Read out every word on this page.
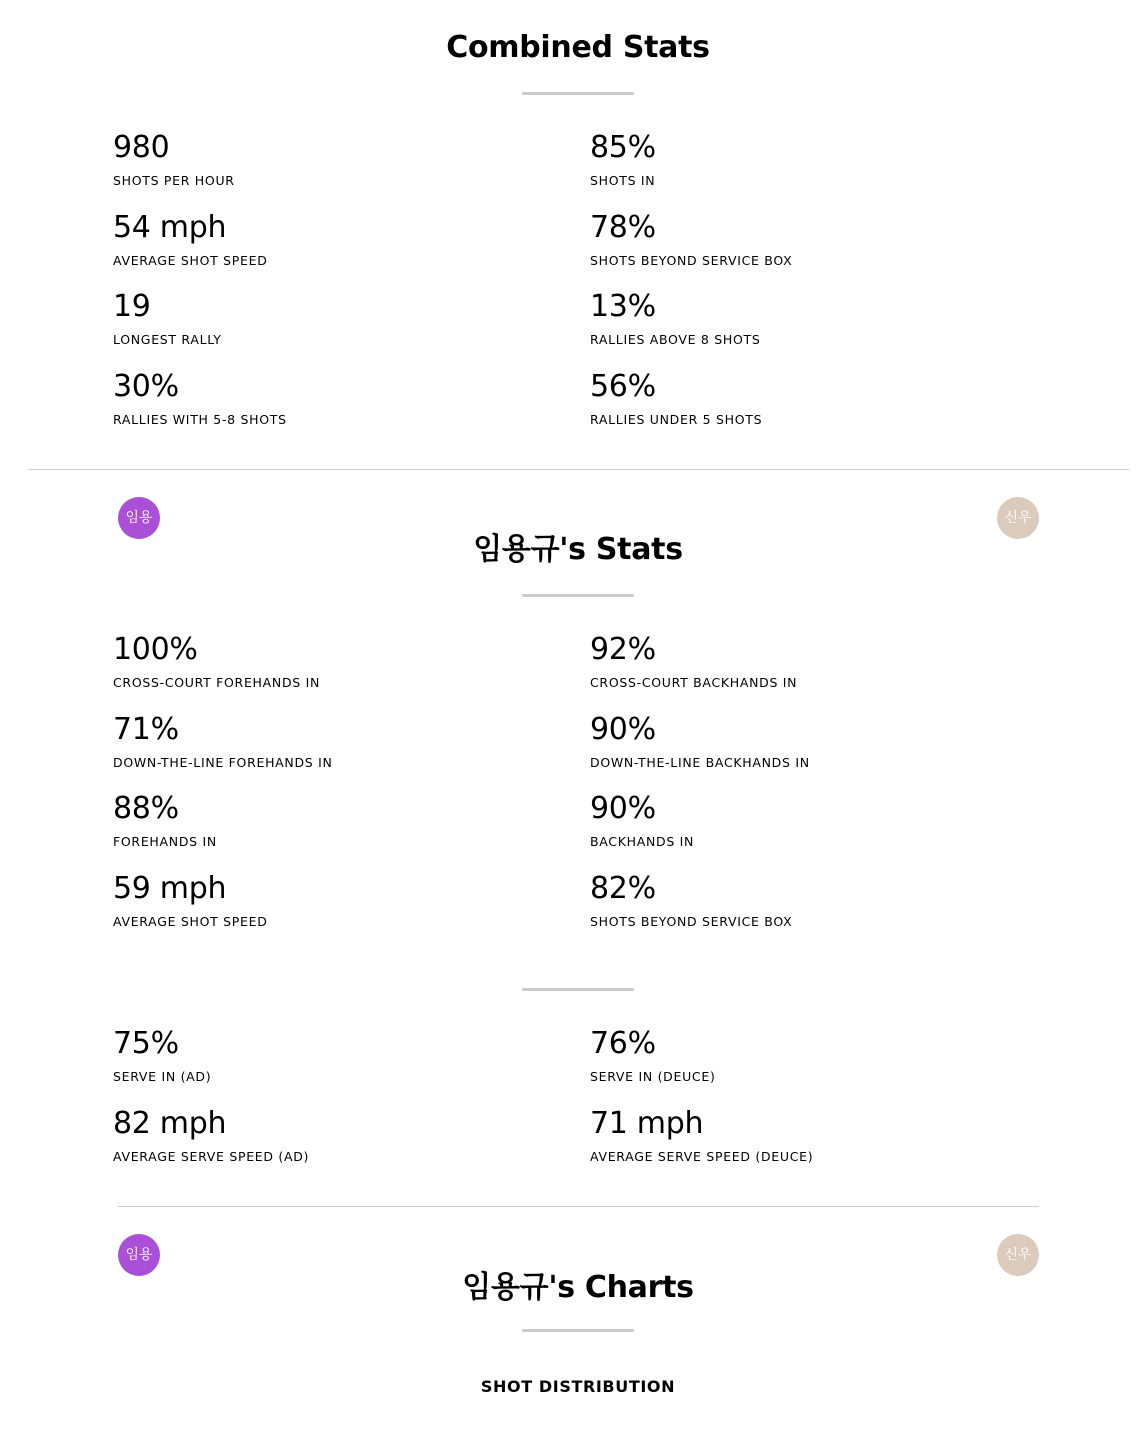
Combined Stats
980
SHOTS PER HOUR
85%
SHOTS IN
54 mph
AVERAGE SHOT SPEED
78%
SHOTS BEYOND SERVICE BOX
19
LONGEST RALLY
13%
RALLIES ABOVE 8 SHOTS
30%
RALLIES WITH 5-8 SHOTS
56%
RALLIES UNDER 5 SHOTS
임용	신우
임용규's Stats
100%
CROSS-COURT FOREHANDS IN
92%
CROSS-COURT BACKHANDS IN
71%
DOWN-THE-LINE FOREHANDS IN
90%
DOWN-THE-LINE BACKHANDS IN
88%
FOREHANDS IN
90%
BACKHANDS IN
59 mph
AVERAGE SHOT SPEED
82%
SHOTS BEYOND SERVICE BOX
75%
SERVE IN (AD)
76%
SERVE IN (DEUCE)
82 mph
AVERAGE SERVE SPEED (AD)
71 mph
AVERAGE SERVE SPEED (DEUCE)
임용	신우
임용규's Charts
SHOT DISTRIBUTION
